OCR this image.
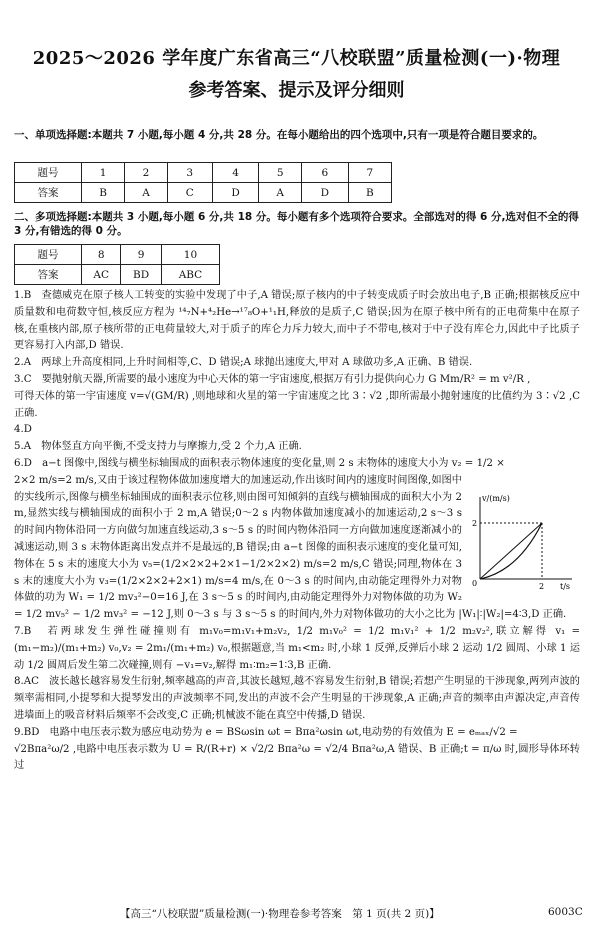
2025～2026 学年度广东省高三“八校联盟”质量检测(一)·物理
参考答案、提示及评分细则
一、单项选择题:本题共 7 小题,每小题 4 分,共 28 分。在每小题给出的四个选项中,只有一项是符合题目要求的。
题号	1	2	3	4	5	6	7
答案	B	A	C	D	A	D	B
二、多项选择题:本题共 3 小题,每小题 6 分,共 18 分。每小题有多个选项符合要求。全部选对的得 6 分,选对但不全的得 3 分,有错选的得 0 分。
题号	8	9	10
答案	AC	BD	ABC

1.B　查德威克在原子核人工转变的实验中发现了中子,A 错误;原子核内的中子转变成质子时会放出电子,B 正确;根据核反应中质量数和电荷数守恒,核反应方程为 ¹⁴₇N+⁴₂He→¹⁷₈O+¹₁H,释放的是质子,C 错误;因为在原子核中所有的正电荷集中在原子核,在重核内部,原子核所带的正电荷量较大,对于质子的库仑力斥力较大,而中子不带电,核对于中子没有库仑力,因此中子比质子更容易打入内部,D 错误.

2.A　两球上升高度相同,上升时间相等,C、D 错误;A 球抛出速度大,甲对 A 球做功多,A 正确、B 错误.

3.C　要抛射航天器,所需要的最小速度为中心天体的第一宇宙速度,根据万有引力提供向心力 G Mm/R² = m v²/R ,

可得天体的第一宇宙速度 v=√(GM/R) ,则地球和火星的第一宇宙速度之比 3∶√2 ,即所需最小抛射速度的比值约为 3∶√2 ,C 正确.

4.D

5.A　物体竖直方向平衡,不受支持力与摩擦力,受 2 个力,A 正确.

6.D　a−t 图像中,图线与横坐标轴围成的面积表示物体速度的变化量,则 2 s 末物体的速度大小为 v₂ = 1/2 ×

2×2 m/s=2 m/s,又由于该过程物体做加速度增大的加速运动,作出该时间内的速度时间图像,如图中的实线所示,图像与横坐标轴围成的面积表示位移,则由图可知倾斜的直线与横轴围成的面积大小为 2 m,显然实线与横轴围成的面积小于 2 m,A 错误;0～2 s 内物体做加速度减小的加速运动,2 s～3 s 的时间内物体沿同一方向做匀加速直线运动,3 s～5 s 的时间内物体沿同一方向做加速度逐渐减小的减速运动,则 3 s 末物体距离出发点并不是最远的,B 错误;由 a−t 图像的面积表示速度的变化量可知,物体在 5 s 末的速度大小为 v₅=(1/2×2×2+2×1−1/2×2×2) m/s=2 m/s,C 错误;同理,物体在 3 s 末的速度大小为 v₃=(1/2×2×2+2×1) m/s=4 m/s,在 0～3 s 的时间内,由动能定理得外力对物体做的功为 W₁ = 1/2 mv₃²−0=16 J,在 3 s～5 s 的时间内,由动能定理得外力对物体做的功为 W₂ = 1/2 mv₅² − 1/2 mv₃² = −12 J,则 0～3 s 与 3 s～5 s 的时间内,外力对物体做功的大小之比为 |W₁|∶|W₂|=4∶3,D 正确.

7.B　若两球发生弹性碰撞则有 m₁v₀=m₁v₁+m₂v₂, 1/2 m₁v₀² = 1/2 m₁v₁² + 1/2 m₂v₂²,联立解得 v₁ = (m₁−m₂)/(m₁+m₂) v₀,v₂ = 2m₁/(m₁+m₂) v₀,根据题意,当 m₁<m₂ 时,小球 1 反弹,反弹后小球 2 运动 1/2 圆周、小球 1 运动 1/2 圆周后发生第二次碰撞,则有 −v₁=v₂,解得 m₁∶m₂=1∶3,B 正确.

8.AC　波长越长越容易发生衍射,频率越高的声音,其波长越短,越不容易发生衍射,B 错误;若想产生明显的干涉现象,两列声波的频率需相同,小提琴和大提琴发出的声波频率不同,发出的声波不会产生明显的干涉现象,A 正确;声音的频率由声源决定,声音传进墙面上的吸音材料后频率不会改变,C 正确;机械波不能在真空中传播,D 错误.

9.BD　电路中电压表示数为感应电动势为 e = BSωsin ωt = Bπa²ωsin ωt,电动势的有效值为 E = eₘₐₓ/√2 =

√2Bπa²ω/2 ,电路中电压表示数为 U = R/(R+r) × √2/2 Bπa²ω = √2/4 Bπa²ω,A 错误、B 正确;t = π/ω 时,圆形导体环转过

v/(m/s)
t/s
0
2
2
【高三“八校联盟”质量检测(一)·物理卷参考答案　第 1 页(共 2 页)】	6003C
